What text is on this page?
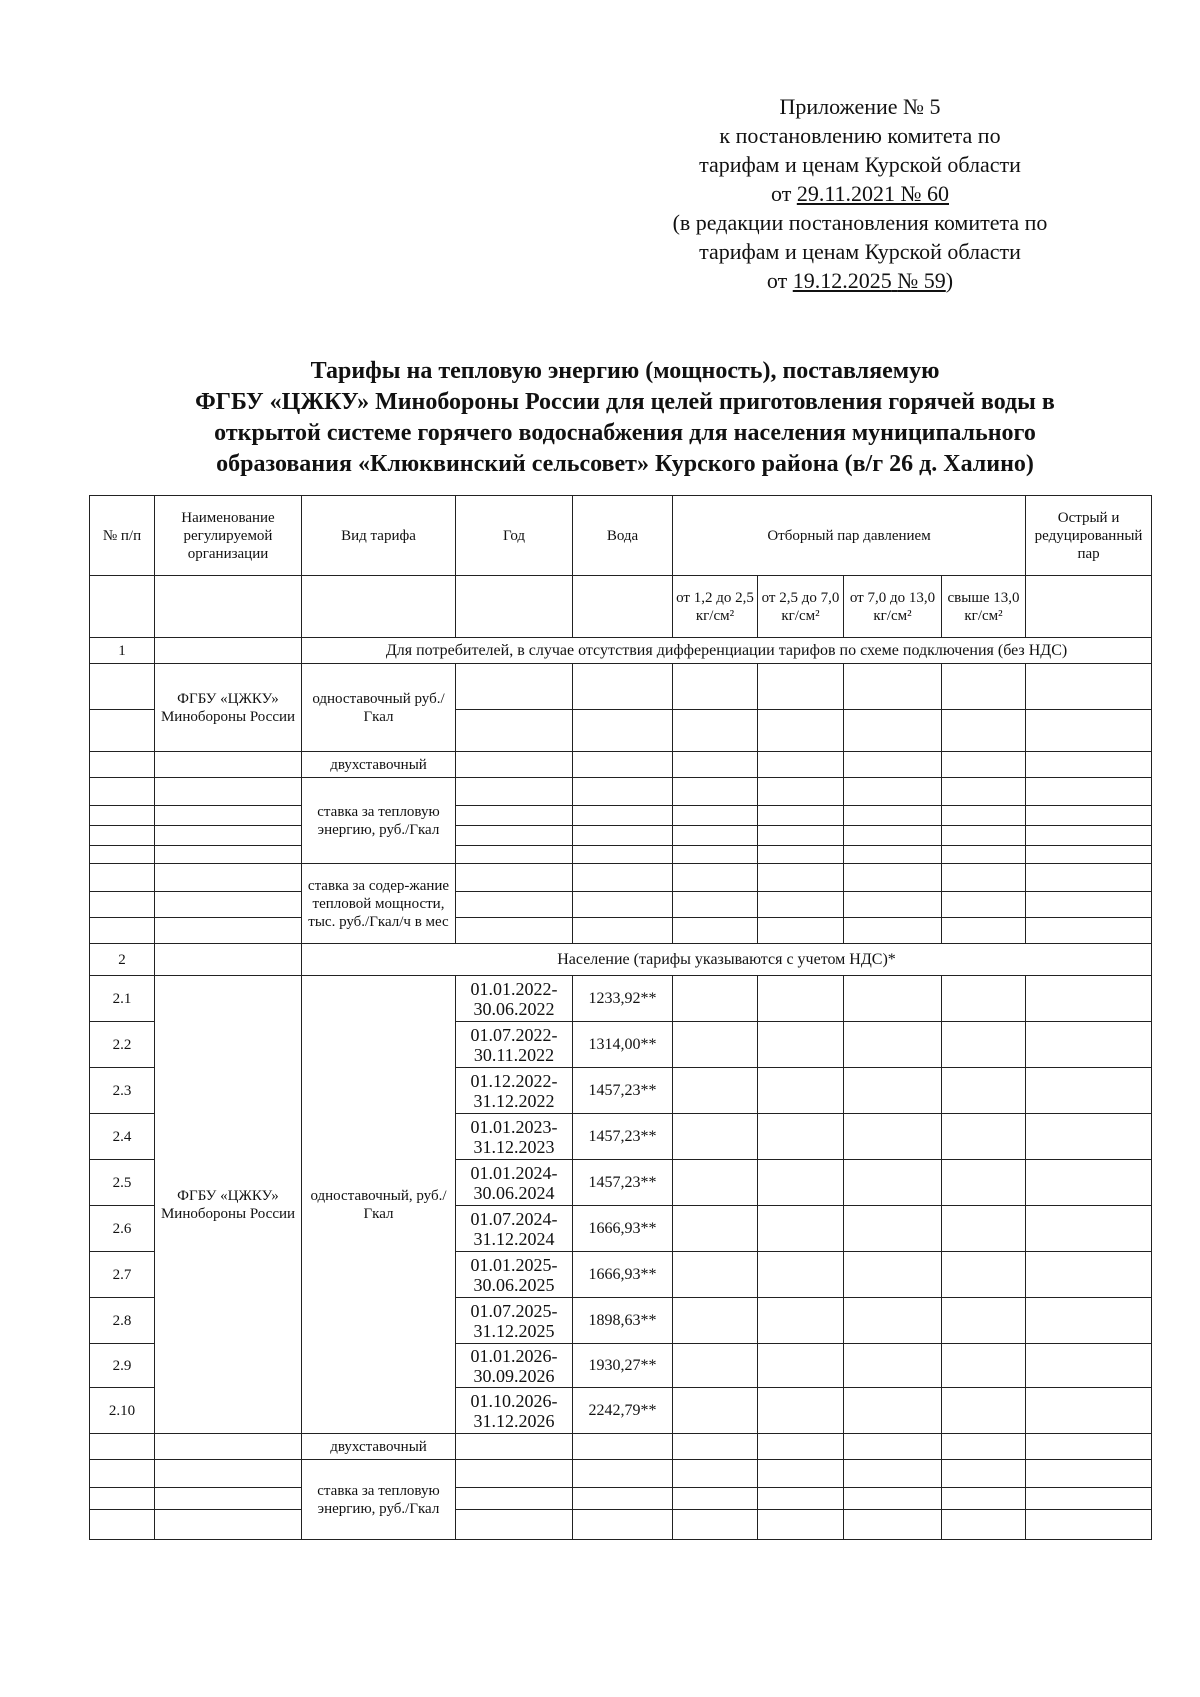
Приложение № 5
к постановлению комитета по
тарифам и ценам Курской области
от 29.11.2021 № 60
(в редакции постановления комитета по
тарифам и ценам Курской области
от 19.12.2025 № 59)
Тарифы на тепловую энергию (мощность), поставляемую
ФГБУ «ЦЖКУ» Минобороны России для целей приготовления горячей воды в
открытой системе горячего водоснабжения для населения муниципального
образования «Клюквинский сельсовет» Курского района (в/г 26 д. Халино)
№ п/п	Наименование регулируемой организации	Вид тарифа	Год	Вода	Отборный пар давлением				Острый и редуцированный пар
					от 1,2 до 2,5 кг/см²	от 2,5 до 7,0 кг/см²	от 7,0 до 13,0 кг/см²	свыше 13,0 кг/см²	
1		Для потребителей, в случае отсутствия дифференциации тарифов по схеме подключения (без НДС)							
	ФГБУ «ЦЖКУ» Минобороны России	одноставочный руб./Гкал							

		двухставочный							
		ставка за тепловую энергию, руб./Гкал							

		ставка за содер-жание тепловой мощности, тыс. руб./Гкал/ч в мес							

2		Население (тарифы указываются с учетом НДС)*							
2.1	ФГБУ «ЦЖКУ» Минобороны России	одноставочный, руб./Гкал	01.01.2022-30.06.2022	1233,92**					
2.2			01.07.2022-30.11.2022	1314,00**					
2.3			01.12.2022-31.12.2022	1457,23**					
2.4			01.01.2023-31.12.2023	1457,23**					
2.5			01.01.2024-30.06.2024	1457,23**					
2.6			01.07.2024-31.12.2024	1666,93**					
2.7			01.01.2025-30.06.2025	1666,93**					
2.8			01.07.2025-31.12.2025	1898,63**					
2.9			01.01.2026-30.09.2026	1930,27**					
2.10			01.10.2026-31.12.2026	2242,79**					
		двухставочный							
		ставка за тепловую энергию, руб./Гкал							
